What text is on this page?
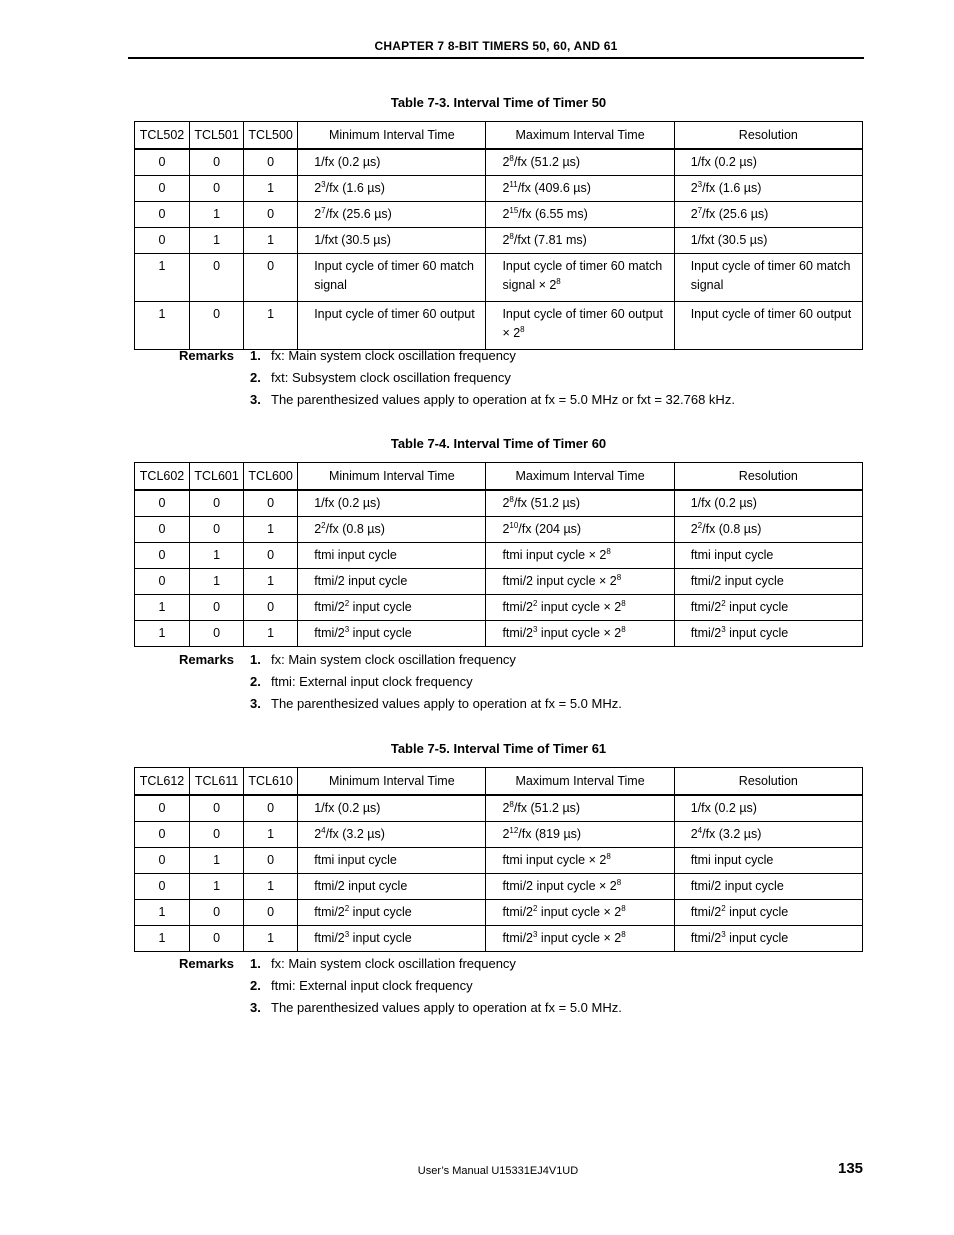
CHAPTER 7 8-BIT TIMERS 50, 60, AND 61
Table 7-3. Interval Time of Timer 50
TCL502	TCL501	TCL500	Minimum Interval Time	Maximum Interval Time	Resolution
0	0	0	1/fx (0.2 µs)	$2^8/fx$ (51.2 µs)	1/fx (0.2 µs)
0	0	1	$2^3/fx$ (1.6 µs)	$2^{11}/fx$ (409.6 µs)	$2^3/fx$ (1.6 µs)
0	1	0	$2^7/fx$ (25.6 µs)	$2^{15}/fx$ (6.55 ms)	$2^7/fx$ (25.6 µs)
0	1	1	1/fxt (30.5 µs)	$2^8$/fxt (7.81 ms)	1/fxt (30.5 µs)
1	0	0	Input cycle of timer 60 match signal	Input cycle of timer 60 match signal × $2^8$	Input cycle of timer 60 match signal
1	0	1	Input cycle of timer 60 output	Input cycle of timer 60 output × $2^8$	Input cycle of timer 60 output
Remarks	1. fx: Main system clock oscillation frequency
2. fxt: Subsystem clock oscillation frequency
3. The parenthesized values apply to operation at fx = 5.0 MHz or fxt = 32.768 kHz.
Table 7-4. Interval Time of Timer 60
TCL602	TCL601	TCL600	Minimum Interval Time	Maximum Interval Time	Resolution
0	0	0	1/fx (0.2 µs)	$2^8/fx$ (51.2 µs)	1/fx (0.2 µs)
0	0	1	$2^2/fx$ (0.8 µs)	$2^{10}/fx$ (204 µs)	$2^2/fx$ (0.8 µs)
0	1	0	ftmi input cycle	ftmi input cycle × $2^8$	ftmi input cycle
0	1	1	ftmi/2 input cycle	ftmi/2 input cycle × $2^8$	ftmi/2 input cycle
1	0	0	ftmi/$2^2$ input cycle	ftmi/$2^2$ input cycle × $2^8$	ftmi/$2^2$ input cycle
1	0	1	ftmi/$2^3$ input cycle	ftmi/$2^3$ input cycle × $2^8$	ftmi/$2^3$ input cycle
Remarks	1. fx: Main system clock oscillation frequency
2. ftmi: External input clock frequency
3. The parenthesized values apply to operation at fx = 5.0 MHz.
Table 7-5. Interval Time of Timer 61
TCL612	TCL611	TCL610	Minimum Interval Time	Maximum Interval Time	Resolution
0	0	0	1/fx (0.2 µs)	$2^8/fx$ (51.2 µs)	1/fx (0.2 µs)
0	0	1	$2^4/fx$ (3.2 µs)	$2^{12}/fx$ (819 µs)	$2^4/fx$ (3.2 µs)
0	1	0	ftmi input cycle	ftmi input cycle × $2^8$	ftmi input cycle
0	1	1	ftmi/2 input cycle	ftmi/2 input cycle × $2^8$	ftmi/2 input cycle
1	0	0	ftmi/$2^2$ input cycle	ftmi/$2^2$ input cycle × $2^8$	ftmi/$2^2$ input cycle
1	0	1	ftmi/$2^3$ input cycle	ftmi/$2^3$ input cycle × $2^8$	ftmi/$2^3$ input cycle
Remarks	1. fx: Main system clock oscillation frequency
2. ftmi: External input clock frequency
3. The parenthesized values apply to operation at fx = 5.0 MHz.
User’s Manual U15331EJ4V1UD	135
